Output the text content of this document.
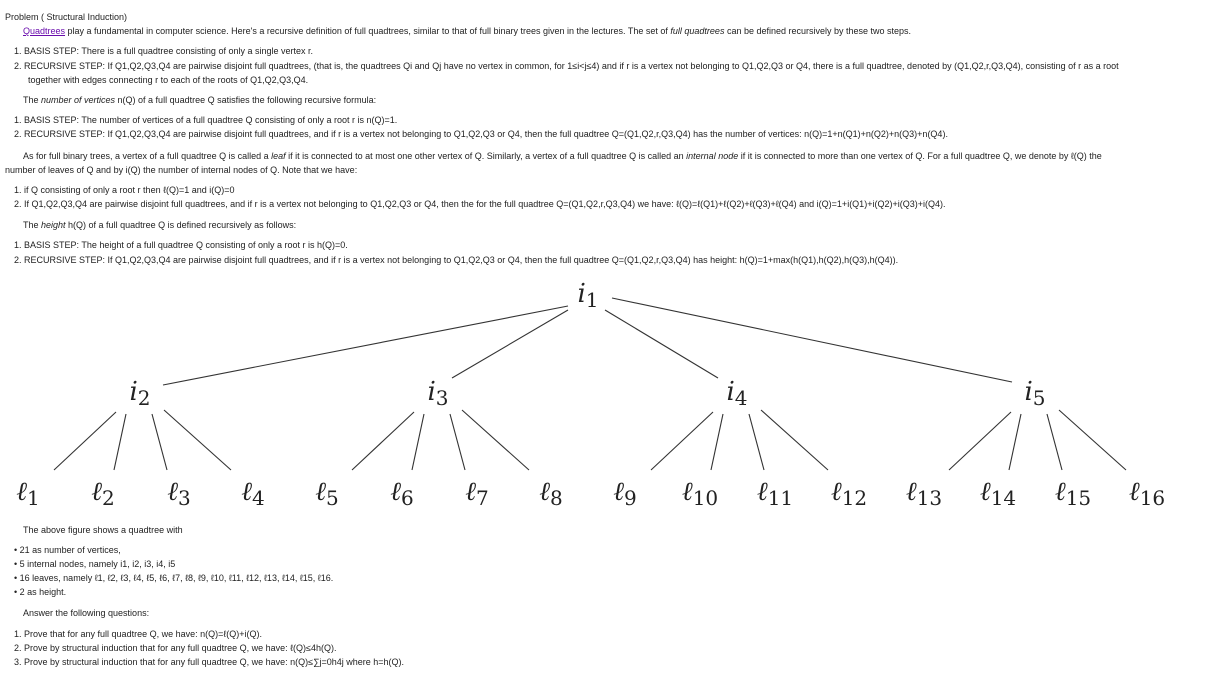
Problem ( Structural Induction)
Quadtrees play a fundamental in computer science. Here's a recursive definition of full quadtrees, similar to that of full binary trees given in the lectures. The set of full quadtrees can be defined recursively by these two steps.
1. BASIS STEP: There is a full quadtree consisting of only a single vertex r.
2. RECURSIVE STEP: If Q1,Q2,Q3,Q4 are pairwise disjoint full quadtrees, (that is, the quadtrees Qi and Qj have no vertex in common, for 1≤i<j≤4) and if r is a vertex not belonging to Q1,Q2,Q3 or Q4, there is a full quadtree, denoted by (Q1,Q2,r,Q3,Q4), consisting of r as a root
together with edges connecting r to each of the roots of Q1,Q2,Q3,Q4.
The number of vertices n(Q) of a full quadtree Q satisfies the following recursive formula:
1. BASIS STEP: The number of vertices of a full quadtree Q consisting of only a root r is n(Q)=1.
2. RECURSIVE STEP: If Q1,Q2,Q3,Q4 are pairwise disjoint full quadtrees, and if r is a vertex not belonging to Q1,Q2,Q3 or Q4, then the full quadtree Q=(Q1,Q2,r,Q3,Q4) has the number of vertices: n(Q)=1+n(Q1)+n(Q2)+n(Q3)+n(Q4).
As for full binary trees, a vertex of a full quadtree Q is called a leaf if it is connected to at most one other vertex of Q. Similarly, a vertex of a full quadtree Q is called an internal node if it is connected to more than one vertex of Q. For a full quadtree Q, we denote by ℓ(Q) the
number of leaves of Q and by i(Q) the number of internal nodes of Q. Note that we have:
1. if Q consisting of only a root r then ℓ(Q)=1 and i(Q)=0
2. If Q1,Q2,Q3,Q4 are pairwise disjoint full quadtrees, and if r is a vertex not belonging to Q1,Q2,Q3 or Q4, then the for the full quadtree Q=(Q1,Q2,r,Q3,Q4) we have: ℓ(Q)=ℓ(Q1)+ℓ(Q2)+ℓ(Q3)+ℓ(Q4) and i(Q)=1+i(Q1)+i(Q2)+i(Q3)+i(Q4).
The height h(Q) of a full quadtree Q is defined recursively as follows:
1. BASIS STEP: The height of a full quadtree Q consisting of only a root r is h(Q)=0.
2. RECURSIVE STEP: If Q1,Q2,Q3,Q4 are pairwise disjoint full quadtrees, and if r is a vertex not belonging to Q1,Q2,Q3 or Q4, then the full quadtree Q=(Q1,Q2,r,Q3,Q4) has height: h(Q)=1+max(h(Q1),h(Q2),h(Q3),h(Q4)).
i1
i2	i3	i4	i5
ℓ1 ℓ2 ℓ3 ℓ4 ℓ5 ℓ6 ℓ7 ℓ8 ℓ9 ℓ10 ℓ11 ℓ12 ℓ13 ℓ14 ℓ15 ℓ16
The above figure shows a quadtree with
• 21 as number of vertices,
• 5 internal nodes, namely i1, i2, i3, i4, i5
• 16 leaves, namely ℓ1, ℓ2, ℓ3, ℓ4, ℓ5, ℓ6, ℓ7, ℓ8, ℓ9, ℓ10, ℓ11, ℓ12, ℓ13, ℓ14, ℓ15, ℓ16.
• 2 as height.
Answer the following questions:
1. Prove that for any full quadtree Q, we have: n(Q)=ℓ(Q)+i(Q).
2. Prove by structural induction that for any full quadtree Q, we have: ℓ(Q)≤4h(Q).
3. Prove by structural induction that for any full quadtree Q, we have: n(Q)≤∑j=0h4j where h=h(Q).
